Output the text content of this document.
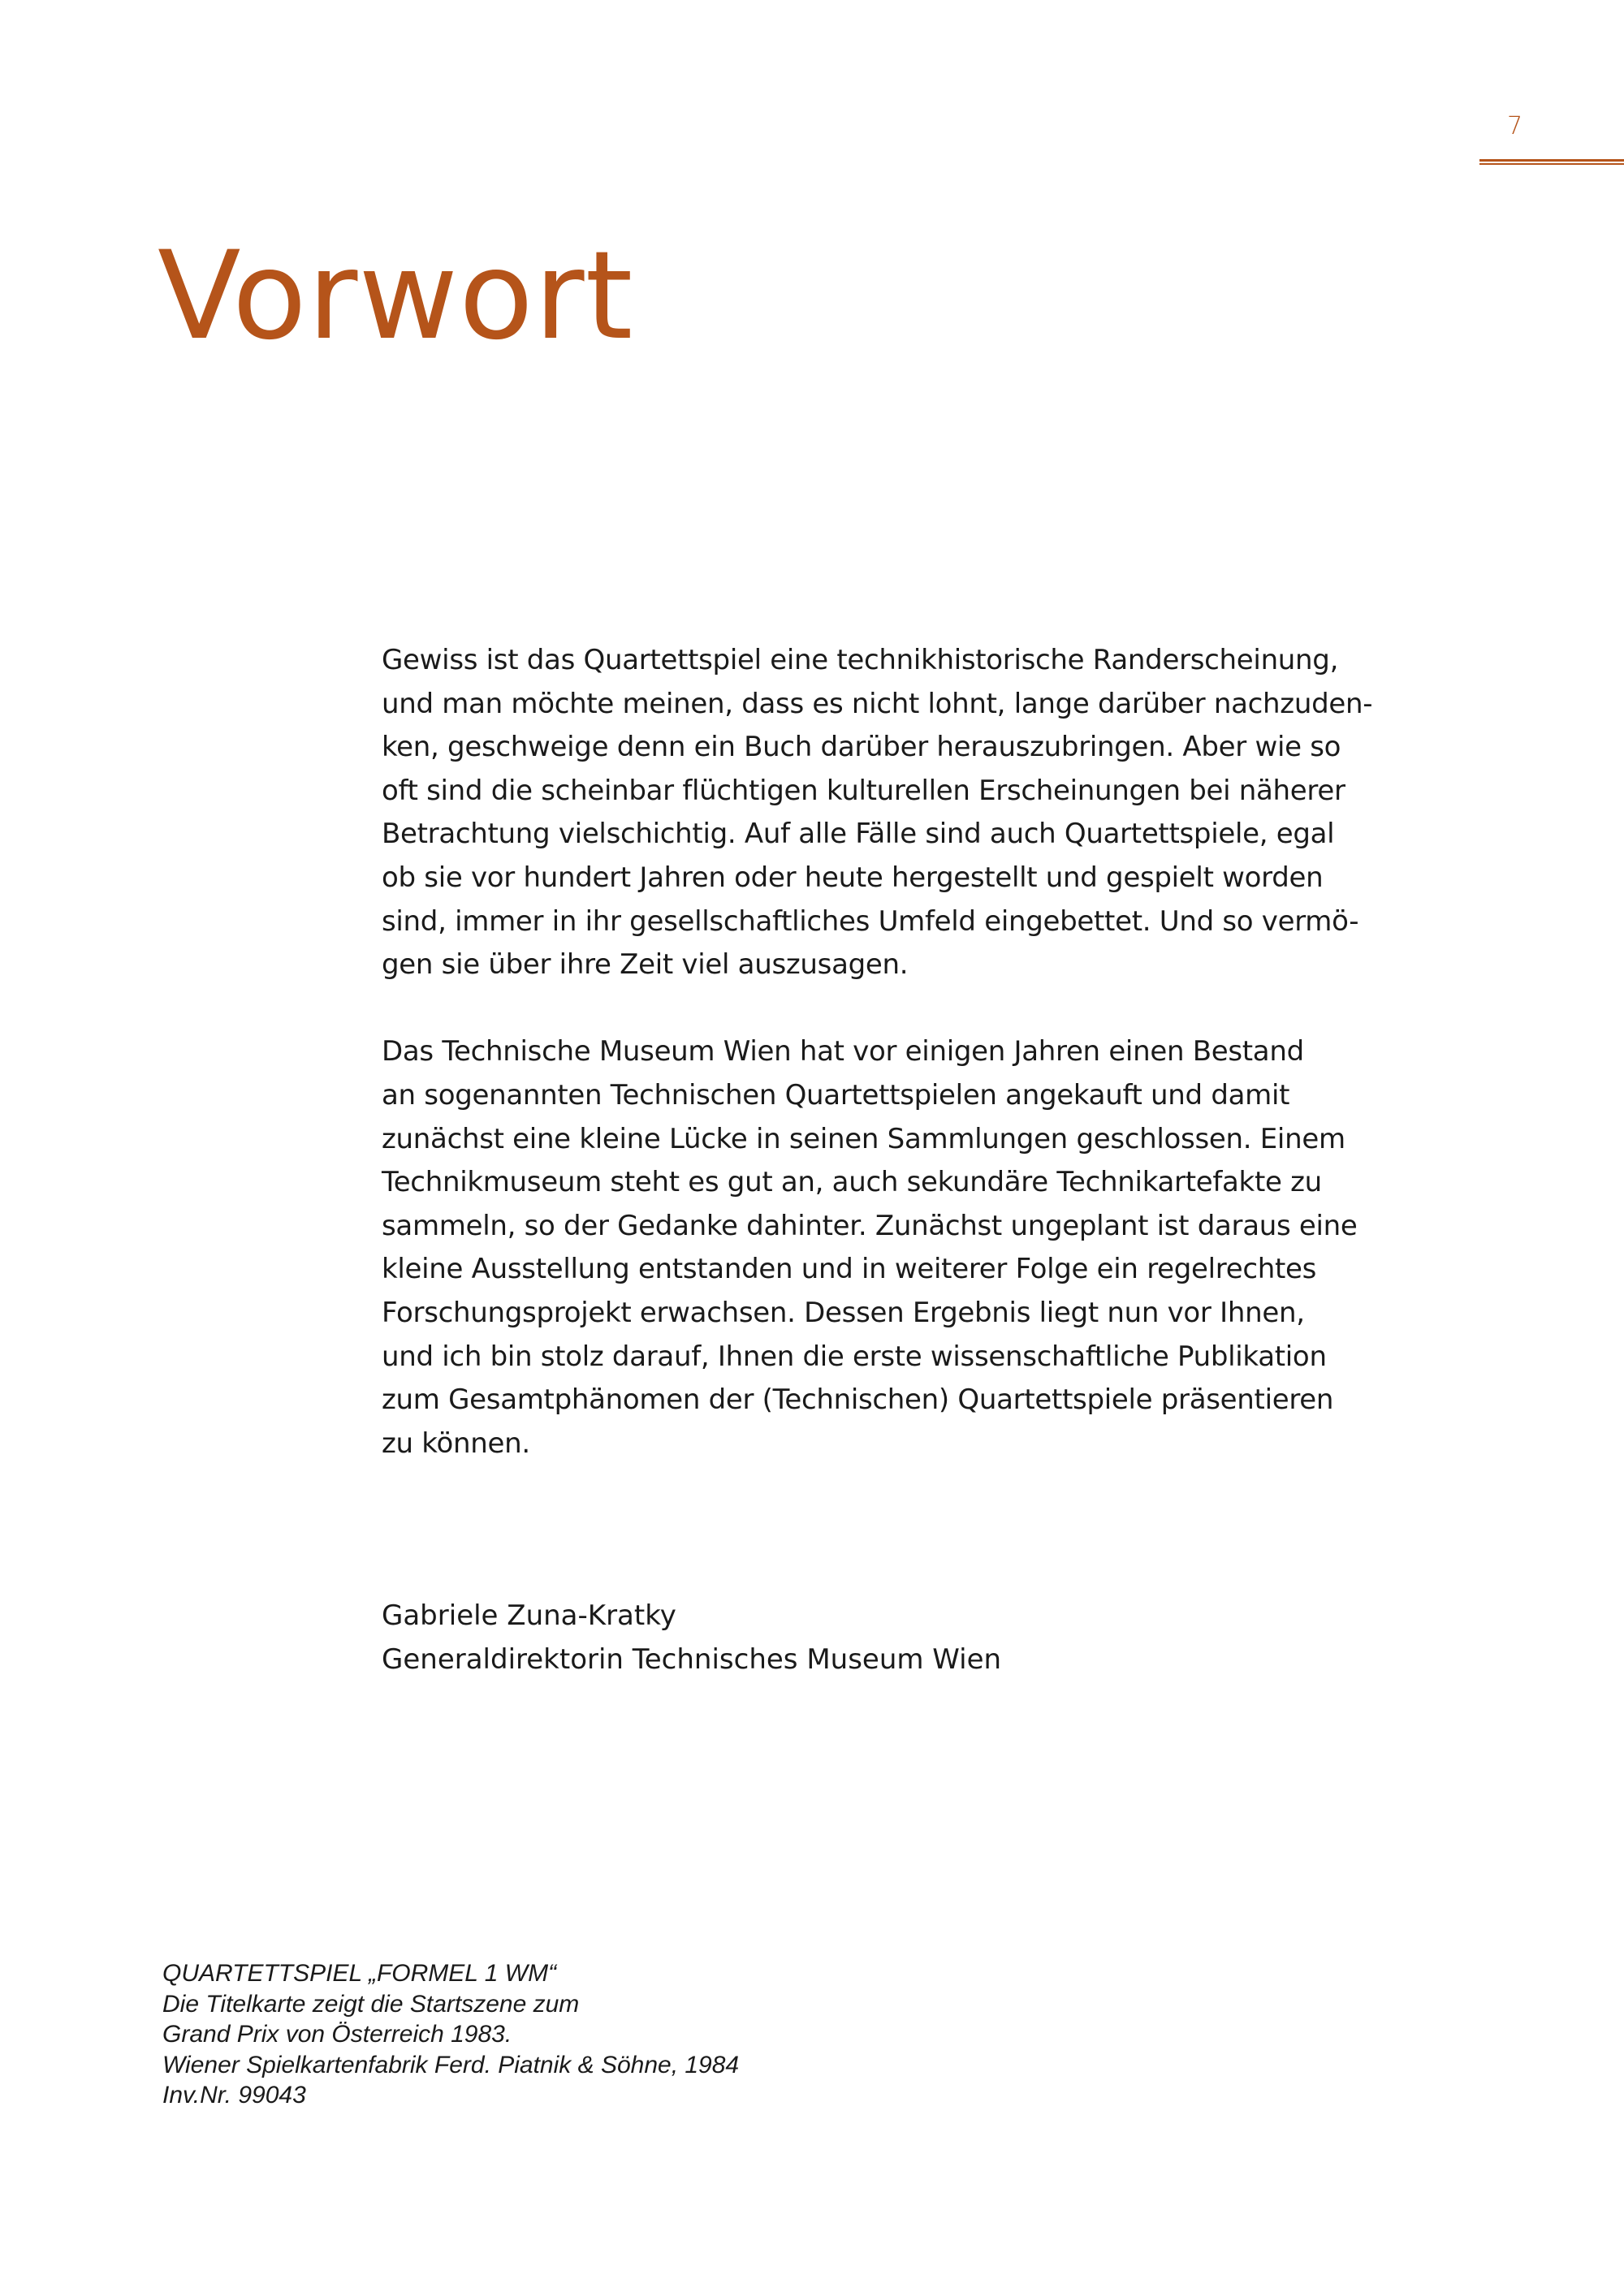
7
Vorwort
Gewiss ist das Quartettspiel eine technikhistorische Randerscheinung,
und man möchte meinen, dass es nicht lohnt, lange darüber nachzuden-
ken, geschweige denn ein Buch darüber herauszubringen. Aber wie so
oft sind die scheinbar flüchtigen kulturellen Erscheinungen bei näherer
Betrachtung vielschichtig. Auf alle Fälle sind auch Quartettspiele, egal
ob sie vor hundert Jahren oder heute hergestellt und gespielt worden
sind, immer in ihr gesellschaftliches Umfeld eingebettet. Und so vermö-
gen sie über ihre Zeit viel auszusagen.
Das Technische Museum Wien hat vor einigen Jahren einen Bestand
an sogenannten Technischen Quartettspielen angekauft und damit
zunächst eine kleine Lücke in seinen Sammlungen geschlossen. Einem
Technikmuseum steht es gut an, auch sekundäre Technikartefakte zu
sammeln, so der Gedanke dahinter. Zunächst ungeplant ist daraus eine
kleine Ausstellung entstanden und in weiterer Folge ein regelrechtes
Forschungsprojekt erwachsen. Dessen Ergebnis liegt nun vor Ihnen,
und ich bin stolz darauf, Ihnen die erste wissenschaftliche Publikation
zum Gesamtphänomen der (Technischen) Quartettspiele präsentieren
zu können.
Gabriele Zuna-Kratky
Generaldirektorin Technisches Museum Wien
QUARTETTSPIEL „FORMEL 1 WM“
Die Titelkarte zeigt die Startszene zum
Grand Prix von Österreich 1983.
Wiener Spielkartenfabrik Ferd. Piatnik & Söhne, 1984
Inv.Nr. 99043
